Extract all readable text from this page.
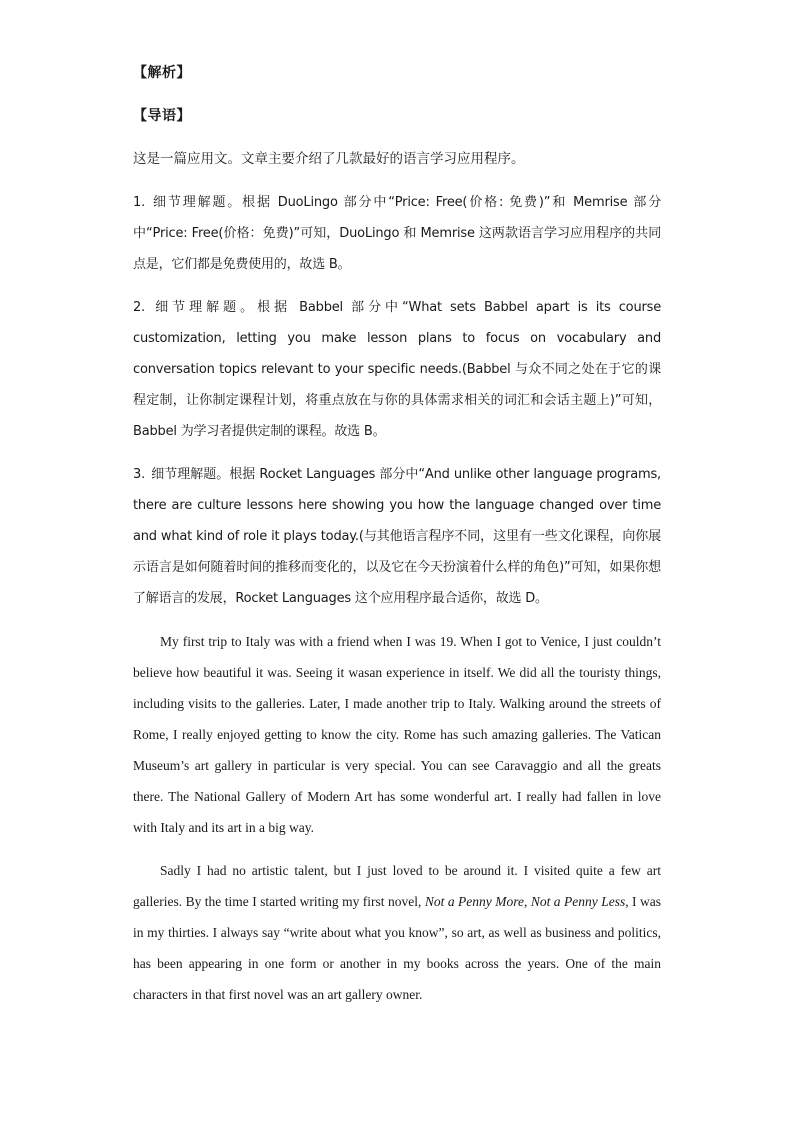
【解析】

【导语】

这是一篇应用文。文章主要介绍了几款最好的语言学习应用程序。

1. 细节理解题。根据 DuoLingo 部分中“Price: Free(价格: 免费)”和 Memrise 部分中“Price: Free(价格：免费)”可知，DuoLingo 和 Memrise 这两款语言学习应用程序的共同点是，它们都是免费使用的，故选 B。

2. 细节理解题。根据 Babbel 部分中“What sets Babbel apart is its course customization, letting you make lesson plans to focus on vocabulary and conversation topics relevant to your specific needs.(Babbel 与众不同之处在于它的课程定制，让你制定课程计划，将重点放在与你的具体需求相关的词汇和会话主题上)”可知，Babbel 为学习者提供定制的课程。故选 B。

3. 细节理解题。根据 Rocket Languages 部分中“And unlike other language programs, there are culture lessons here showing you how the language changed over time and what kind of role it plays today.(与其他语言程序不同，这里有一些文化课程，向你展示语言是如何随着时间的推移而变化的，以及它在今天扮演着什么样的角色)”可知，如果你想了解语言的发展，Rocket Languages 这个应用程序最合适你，故选 D。

My first trip to Italy was with a friend when I was 19. When I got to Venice, I just couldn’t believe how beautiful it was. Seeing it wasan experience in itself. We did all the touristy things, including visits to the galleries. Later, I made another trip to Italy. Walking around the streets of Rome, I really enjoyed getting to know the city. Rome has such amazing galleries. The Vatican Museum’s art gallery in particular is very special. You can see Caravaggio and all the greats there. The National Gallery of Modern Art has some wonderful art. I really had fallen in love with Italy and its art in a big way.

Sadly I had no artistic talent, but I just loved to be around it. I visited quite a few art galleries. By the time I started writing my first novel, Not a Penny More, Not a Penny Less, I was in my thirties. I always say “write about what you know”, so art, as well as business and politics, has been appearing in one form or another in my books across the years. One of the main characters in that first novel was an art gallery owner.
